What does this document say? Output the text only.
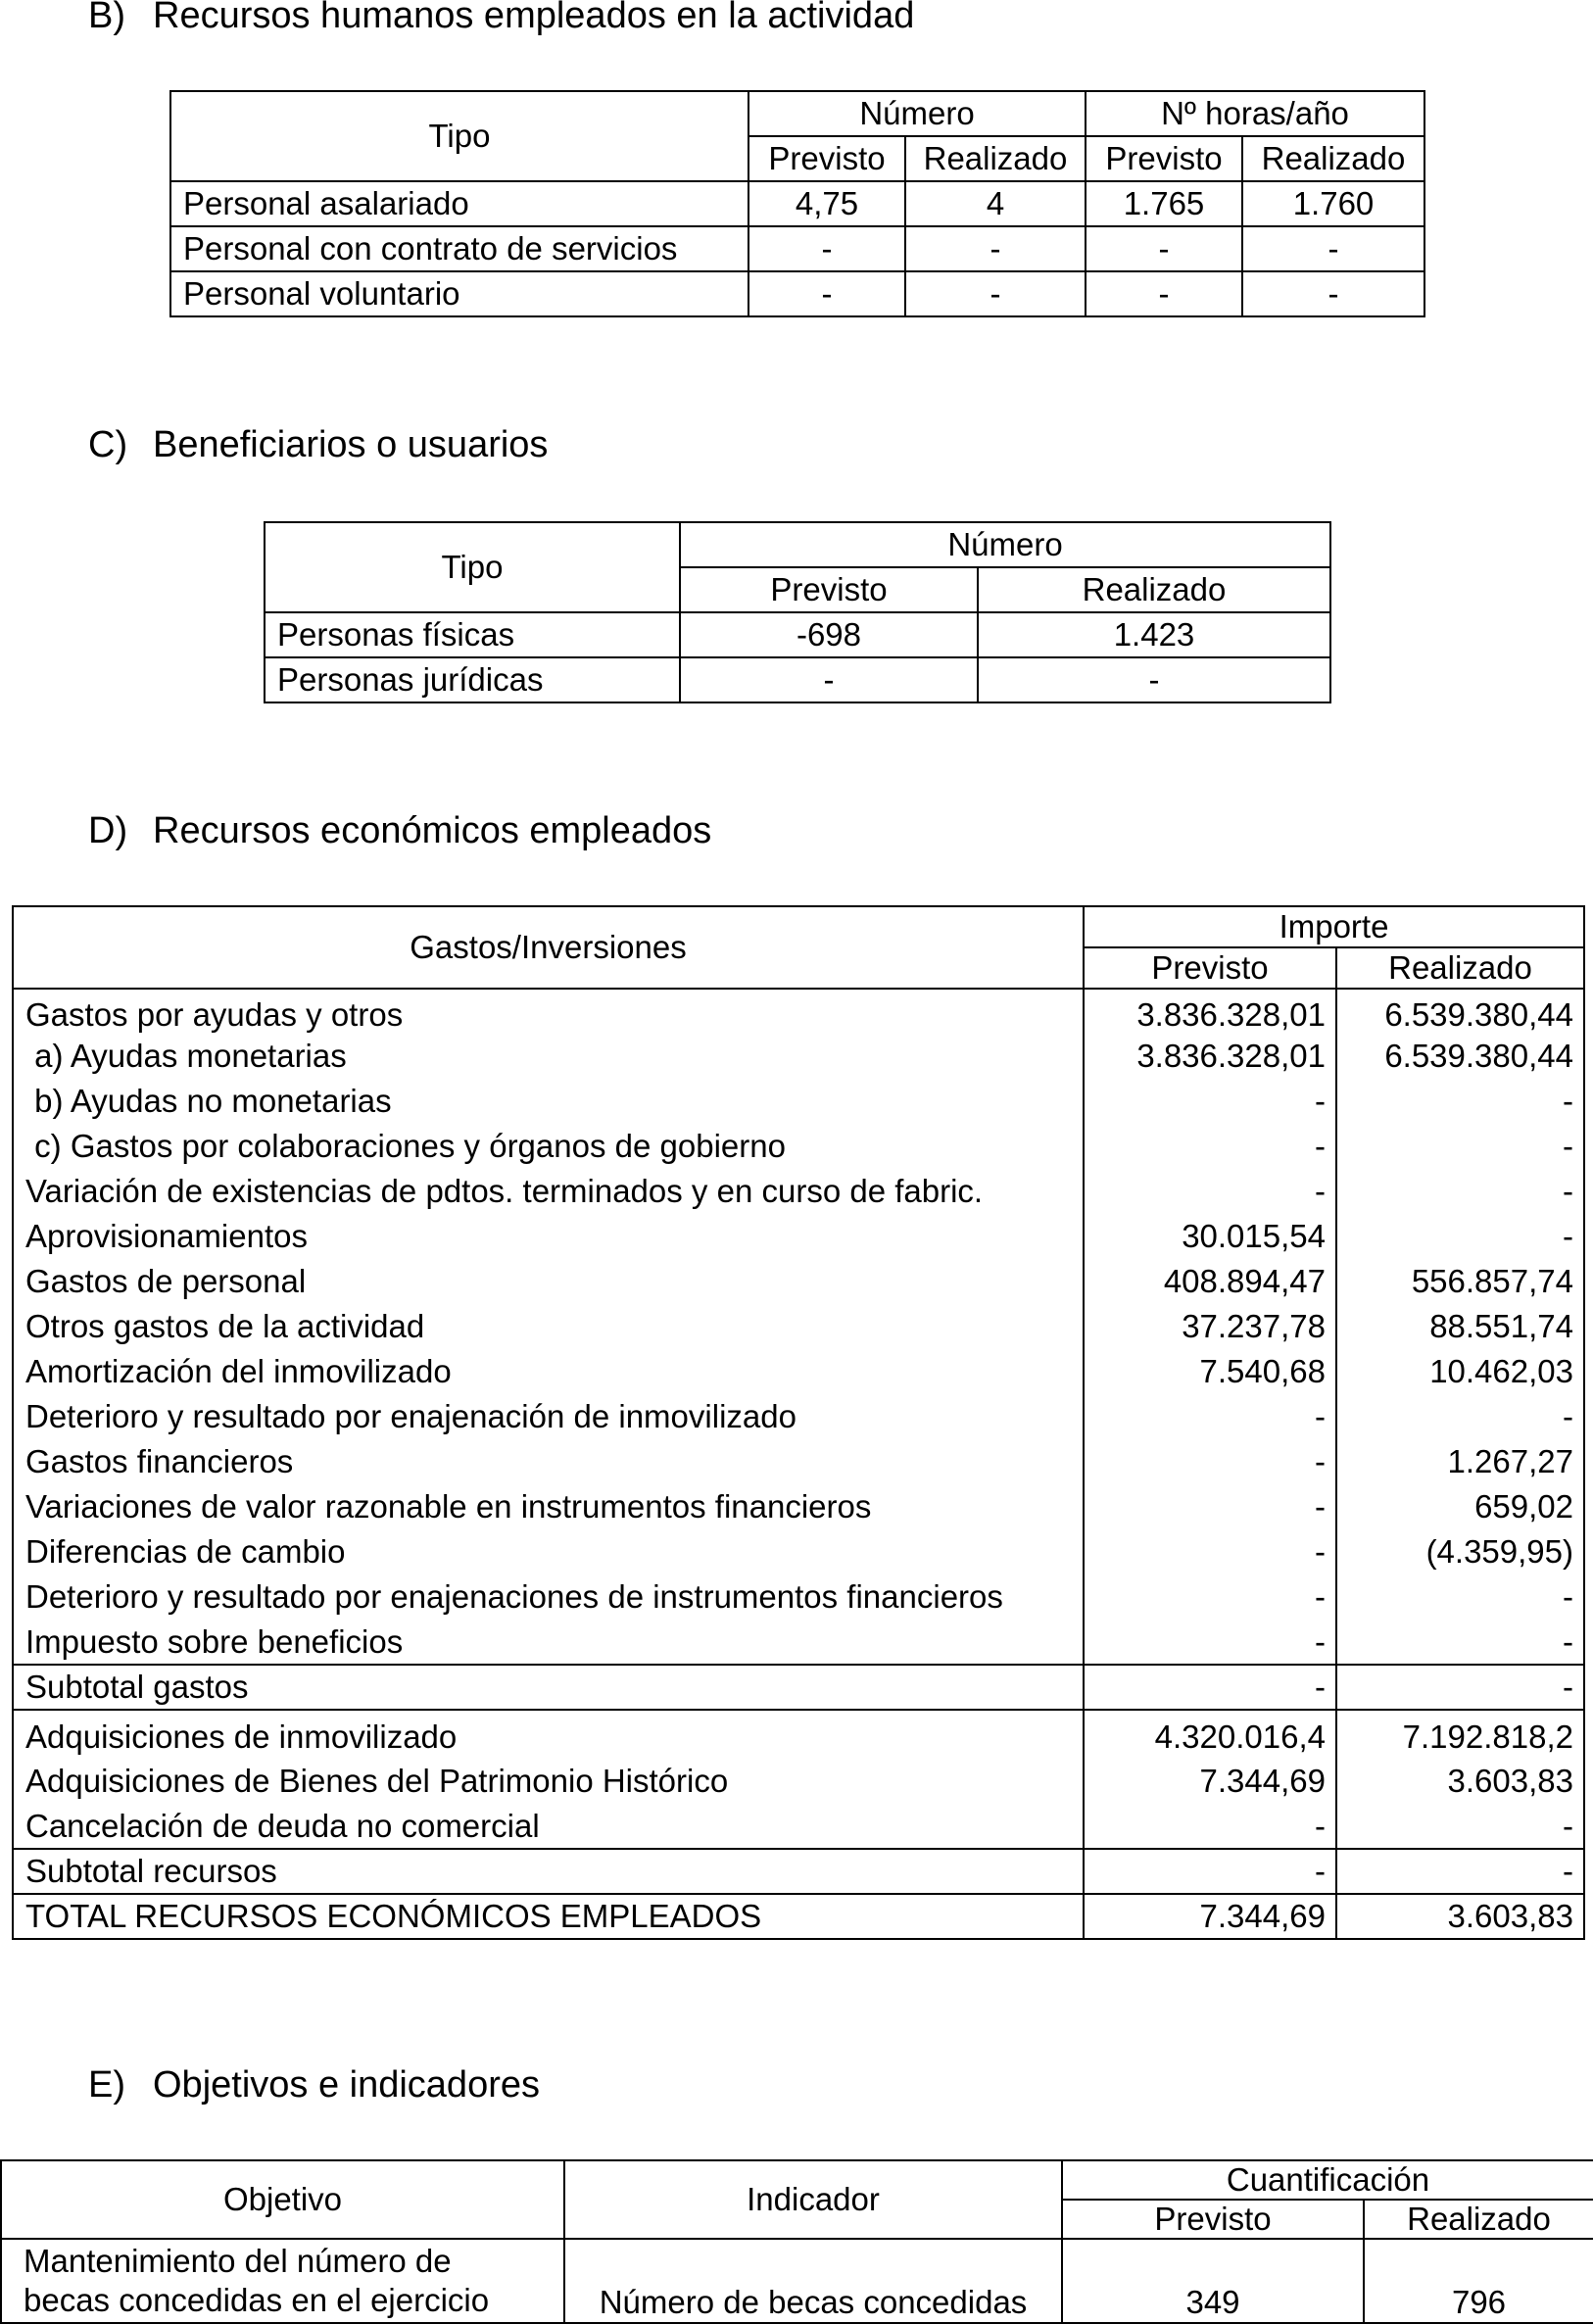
B) Recursos humanos empleados en la actividad
Tipo	Número		Nº horas/año	
	Previsto	Realizado	Previsto	Realizado
Personal asalariado	4,75	4	1.765	1.760
Personal con contrato de servicios	-	-	-	-
Personal voluntario	-	-	-	-
C) Beneficiarios o usuarios
Tipo	Número	
	Previsto	Realizado
Personas físicas	-698	1.423
Personas jurídicas	-	-
D) Recursos económicos empleados
Gastos/Inversiones	Importe	
	Previsto	Realizado
Gastos por ayudas y otros	3.836.328,01	6.539.380,44
a) Ayudas monetarias	3.836.328,01	6.539.380,44
b) Ayudas no monetarias	-	-
c) Gastos por colaboraciones y órganos de gobierno	-	-
Variación de existencias de pdtos. terminados y en curso de fabric.	-	-
Aprovisionamientos	30.015,54	-
Gastos de personal	408.894,47	556.857,74
Otros gastos de la actividad	37.237,78	88.551,74
Amortización del inmovilizado	7.540,68	10.462,03
Deterioro y resultado por enajenación de inmovilizado	-	-
Gastos financieros	-	1.267,27
Variaciones de valor razonable en instrumentos financieros	-	659,02
Diferencias de cambio	-	(4.359,95)
Deterioro y resultado por enajenaciones de instrumentos financieros	-	-
Impuesto sobre beneficios	-	-
Subtotal gastos	-	-
Adquisiciones de inmovilizado	4.320.016,4	7.192.818,2
Adquisiciones de Bienes del Patrimonio Histórico	7.344,69	3.603,83
Cancelación de deuda no comercial	-	-
Subtotal recursos	-	-
TOTAL RECURSOS ECONÓMICOS EMPLEADOS	7.344,69	3.603,83
E) Objetivos e indicadores
Objetivo	Indicador	Cuantificación	
		Previsto	Realizado

Mantenimiento del número de
becas concedidas en el ejercicio	Número de becas concedidas	349	796
